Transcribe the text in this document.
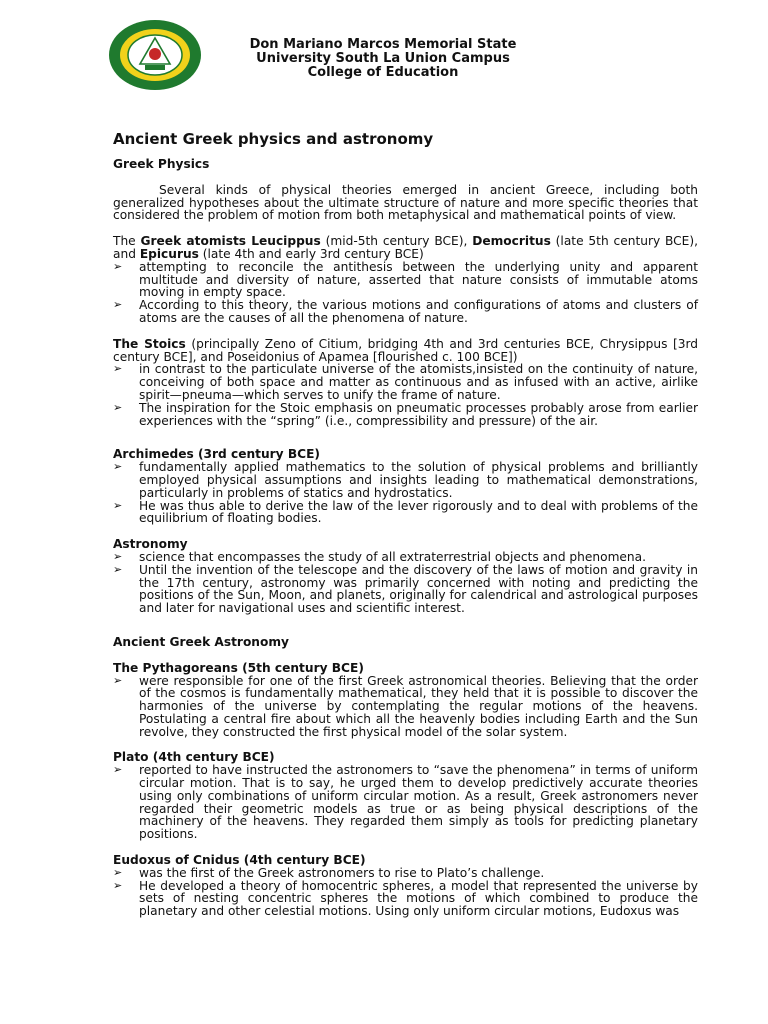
Don Mariano Marcos Memorial State
University South La Union Campus
College of Education
Ancient Greek physics and astronomy
Greek Physics

Several kinds of physical theories emerged in ancient Greece, including both generalized hypotheses about the ultimate structure of nature and more specific theories that considered the problem of motion from both metaphysical and mathematical points of view.

The Greek atomists Leucippus (mid-5th century BCE), Democritus (late 5th century BCE), and Epicurus (late 4th and early 3rd century BCE)

➢ attempting to reconcile the antithesis between the underlying unity and apparent multitude and diversity of nature, asserted that nature consists of immutable atoms moving in empty space.
➢ According to this theory, the various motions and configurations of atoms and clusters of atoms are the causes of all the phenomena of nature.

The Stoics (principally Zeno of Citium, bridging 4th and 3rd centuries BCE, Chrysippus [3rd century BCE], and Poseidonius of Apamea [flourished c. 100 BCE])

➢ in contrast to the particulate universe of the atomists,insisted on the continuity of nature, conceiving of both space and matter as continuous and as infused with an active, airlike spirit—pneuma—which serves to unify the frame of nature.
➢ The inspiration for the Stoic emphasis on pneumatic processes probably arose from earlier experiences with the “spring” (i.e., compressibility and pressure) of the air.
Archimedes (3rd century BCE)
➢ fundamentally applied mathematics to the solution of physical problems and brilliantly employed physical assumptions and insights leading to mathematical demonstrations, particularly in problems of statics and hydrostatics.
➢ He was thus able to derive the law of the lever rigorously and to deal with problems of the equilibrium of floating bodies.
Astronomy
➢ science that encompasses the study of all extraterrestrial objects and phenomena.
➢ Until the invention of the telescope and the discovery of the laws of motion and gravity in the 17th century, astronomy was primarily concerned with noting and predicting the positions of the Sun, Moon, and planets, originally for calendrical and astrological purposes and later for navigational uses and scientific interest.
Ancient Greek Astronomy
The Pythagoreans (5th century BCE)
➢ were responsible for one of the first Greek astronomical theories. Believing that the order of the cosmos is fundamentally mathematical, they held that it is possible to discover the harmonies of the universe by contemplating the regular motions of the heavens. Postulating a central fire about which all the heavenly bodies including Earth and the Sun revolve, they constructed the first physical model of the solar system.
Plato (4th century BCE)
➢ reported to have instructed the astronomers to “save the phenomena” in terms of uniform circular motion. That is to say, he urged them to develop predictively accurate theories using only combinations of uniform circular motion. As a result, Greek astronomers never regarded their geometric models as true or as being physical descriptions of the machinery of the heavens. They regarded them simply as tools for predicting planetary positions.
Eudoxus of Cnidus (4th century BCE)
➢ was the first of the Greek astronomers to rise to Plato’s challenge.
➢ He developed a theory of homocentric spheres, a model that represented the universe by sets of nesting concentric spheres the motions of which combined to produce the planetary and other celestial motions. Using only uniform circular motions, Eudoxus was
